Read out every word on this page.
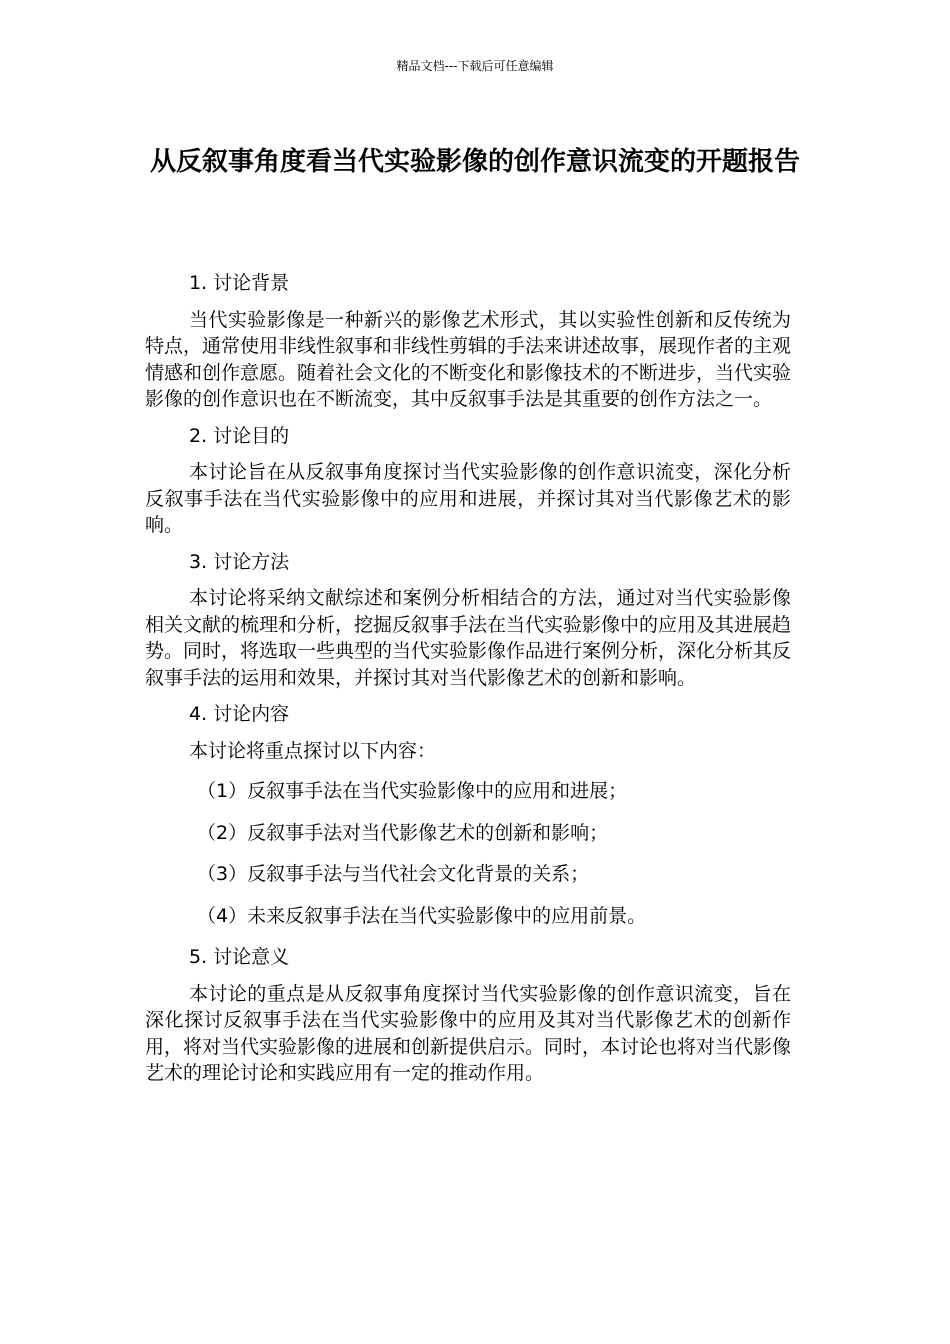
精品文档---下载后可任意编辑
从反叙事角度看当代实验影像的创作意识流变的开题报告
1. 讨论背景
当代实验影像是一种新兴的影像艺术形式，其以实验性创新和反传统为特点，通常使用非线性叙事和非线性剪辑的手法来讲述故事，展现作者的主观情感和创作意愿。随着社会文化的不断变化和影像技术的不断进步，当代实验影像的创作意识也在不断流变，其中反叙事手法是其重要的创作方法之一。
2. 讨论目的
本讨论旨在从反叙事角度探讨当代实验影像的创作意识流变，深化分析反叙事手法在当代实验影像中的应用和进展，并探讨其对当代影像艺术的影响。
3. 讨论方法
本讨论将采纳文献综述和案例分析相结合的方法，通过对当代实验影像相关文献的梳理和分析，挖掘反叙事手法在当代实验影像中的应用及其进展趋势。同时，将选取一些典型的当代实验影像作品进行案例分析，深化分析其反叙事手法的运用和效果，并探讨其对当代影像艺术的创新和影响。
4. 讨论内容
本讨论将重点探讨以下内容：
（1）反叙事手法在当代实验影像中的应用和进展；
（2）反叙事手法对当代影像艺术的创新和影响；
（3）反叙事手法与当代社会文化背景的关系；
（4）未来反叙事手法在当代实验影像中的应用前景。
5. 讨论意义
本讨论的重点是从反叙事角度探讨当代实验影像的创作意识流变，旨在深化探讨反叙事手法在当代实验影像中的应用及其对当代影像艺术的创新作用，将对当代实验影像的进展和创新提供启示。同时，本讨论也将对当代影像艺术的理论讨论和实践应用有一定的推动作用。
